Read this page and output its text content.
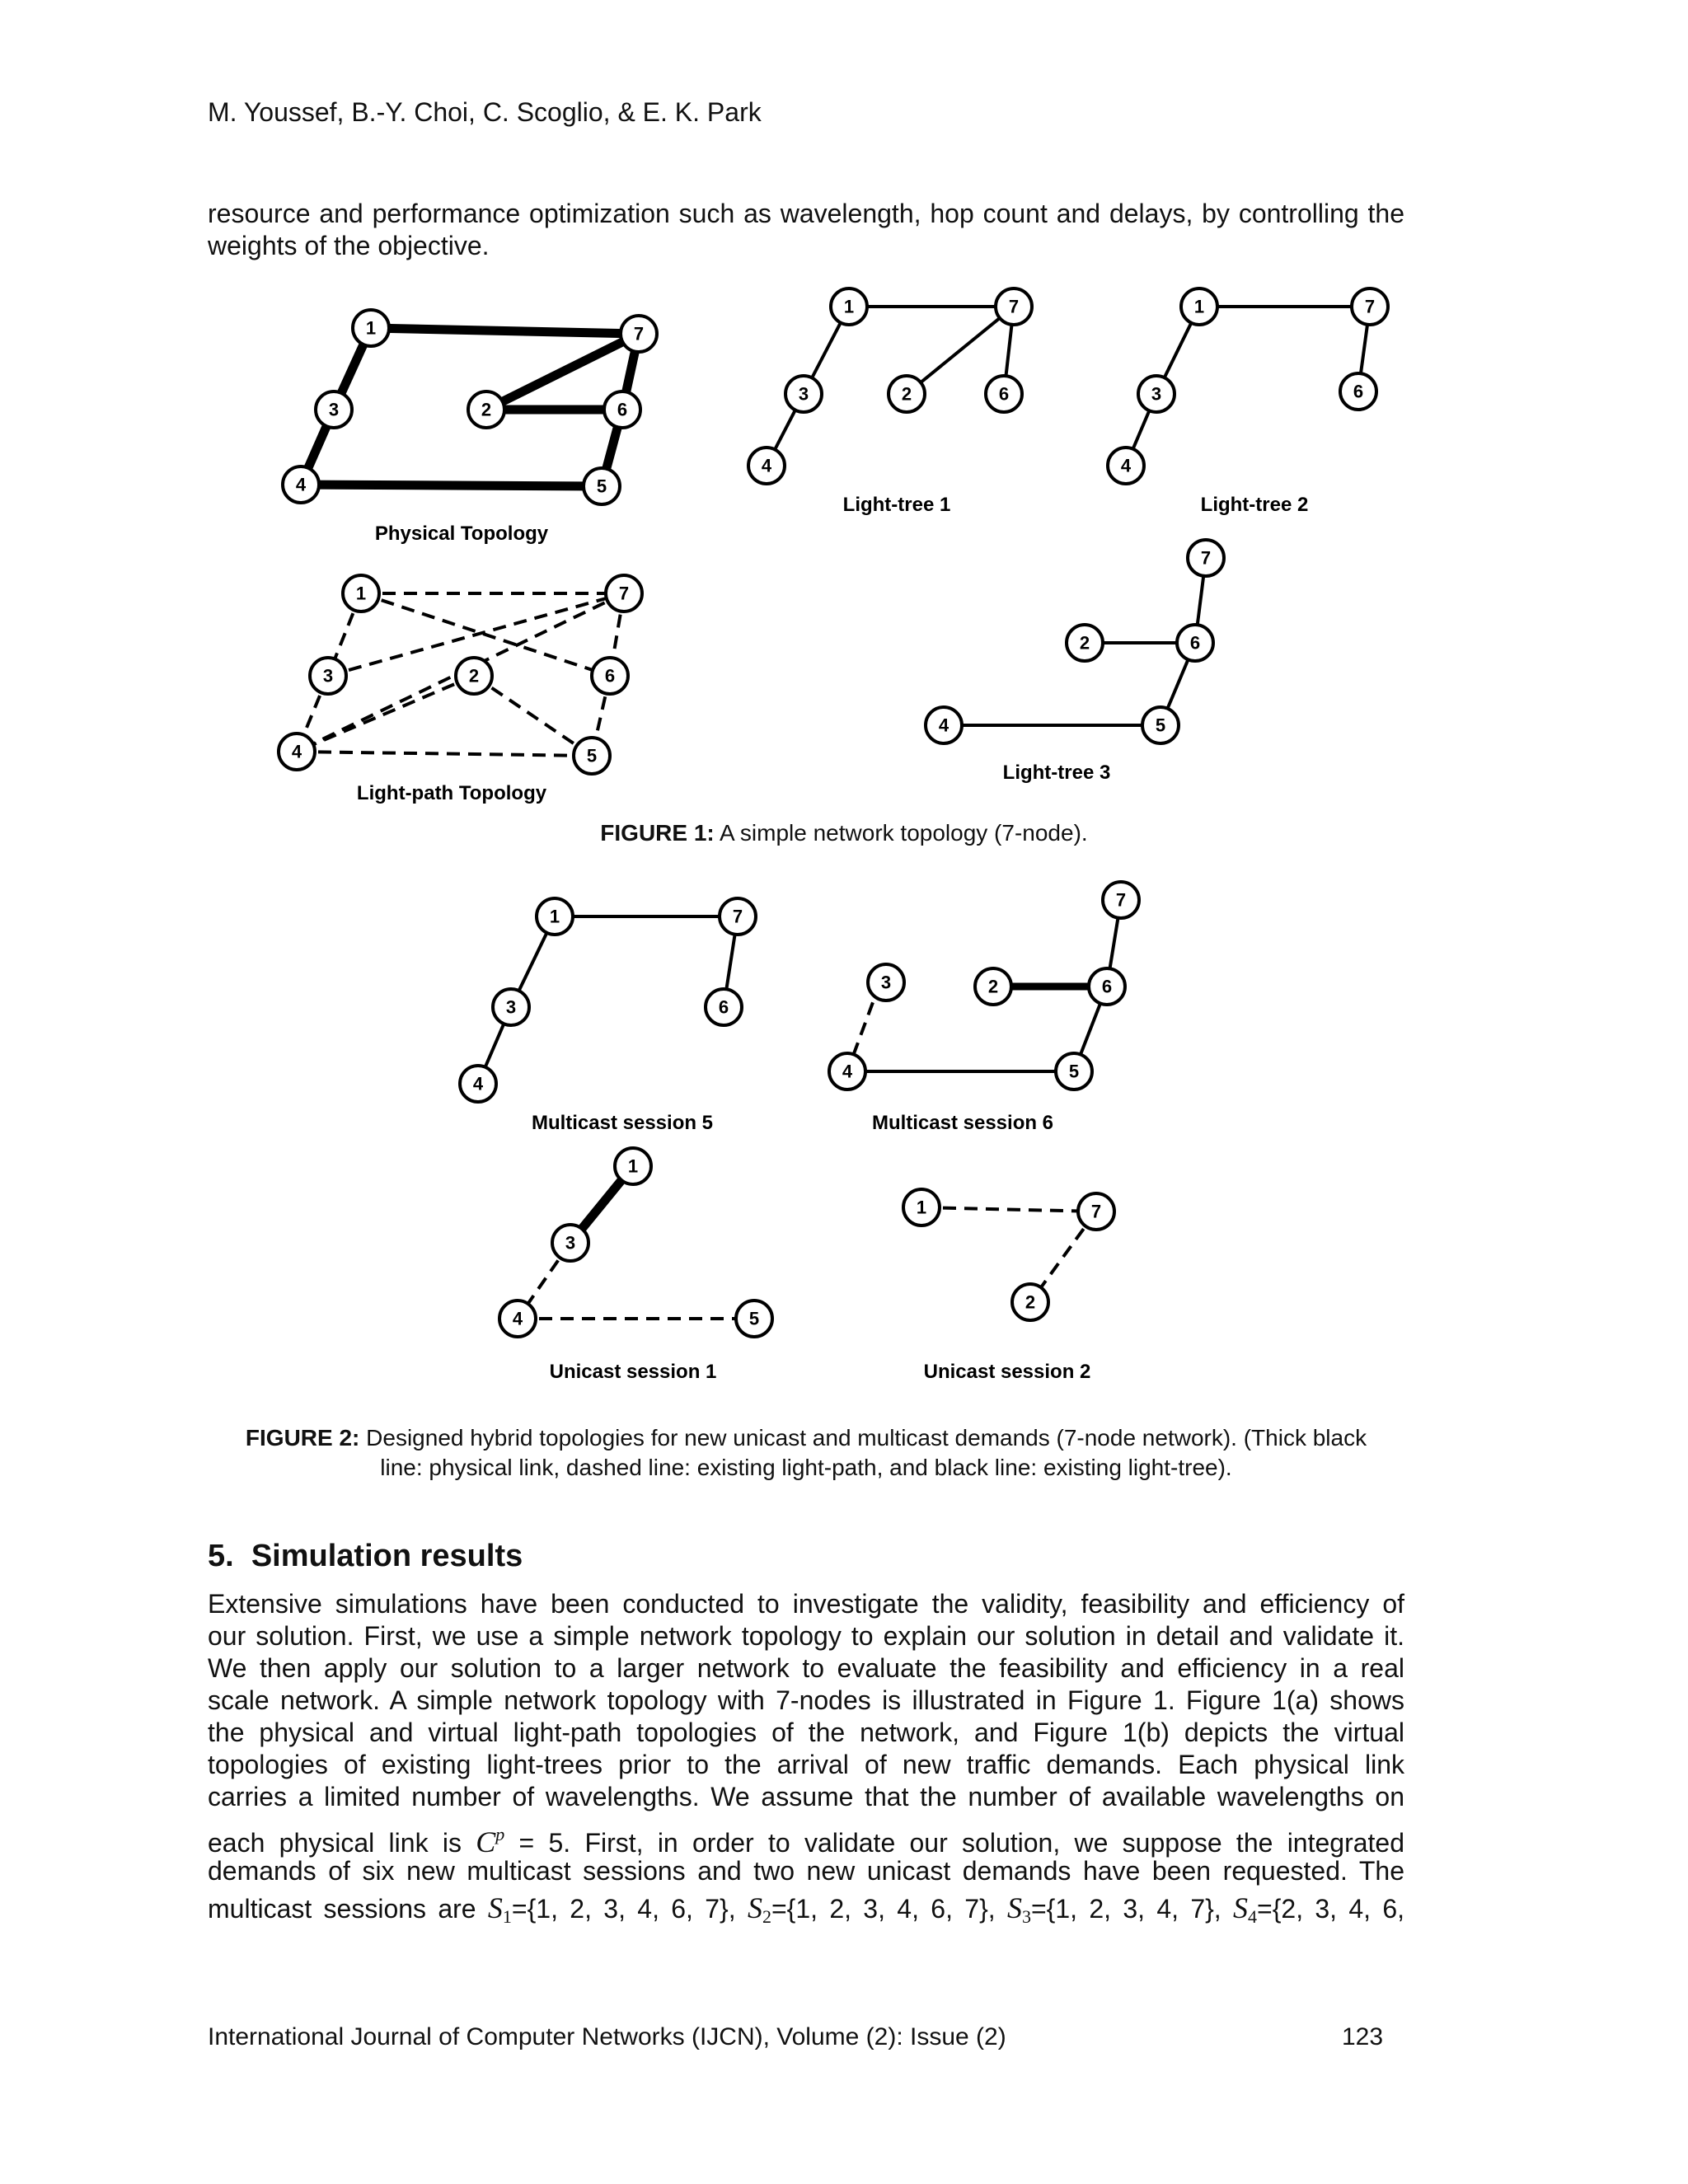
M. Youssef, B.-Y. Choi, C. Scoglio, & E. K. Park
resource and performance optimization such as wavelength, hop count and delays, by controlling the weights of the objective.
1	7
3	2	6
4	5
Physical Topology
1	7
3	2	6
4
Light-tree 1
1	7
3	6
4
Light-tree 2
1	7
3	2	6
4	5
Light-path Topology
7
2	6
4	5
Light-tree 3
1	7
3	6
4
Multicast session 5
7
3	2	6
4	5
Multicast session 6
1
3
4	5
Unicast session 1
1	7
2
Unicast session 2
FIGURE 1: A simple network topology (7-node).
FIGURE 2: Designed hybrid topologies for new unicast and multicast demands (7-node network). (Thick black
line: physical link, dashed line: existing light-path, and black line: existing light-tree).
5. Simulation results
Extensive simulations have been conducted to investigate the validity, feasibility and efficiency of
our solution. First, we use a simple network topology to explain our solution in detail and validate it.
We then apply our solution to a larger network to evaluate the feasibility and efficiency in a real
scale network. A simple network topology with 7-nodes is illustrated in Figure 1. Figure 1(a) shows
the physical and virtual light-path topologies of the network, and Figure 1(b) depicts the virtual
topologies of existing light-trees prior to the arrival of new traffic demands. Each physical link
carries a limited number of wavelengths. We assume that the number of available wavelengths on
each physical link is $C^p = 5$. First, in order to validate our solution, we suppose the integrated
demands of six new multicast sessions and two new unicast demands have been requested. The
multicast sessions are $S_1=\{1$, 2, 3, 4, 6, 7}, $S_2=\{1$, 2, 3, 4, 6, 7}, $S_3=\{1$, 2, 3, 4, 7}, $S_4=\{2$, 3, 4, 6,
International Journal of Computer Networks (IJCN), Volume (2): Issue (2)	123
